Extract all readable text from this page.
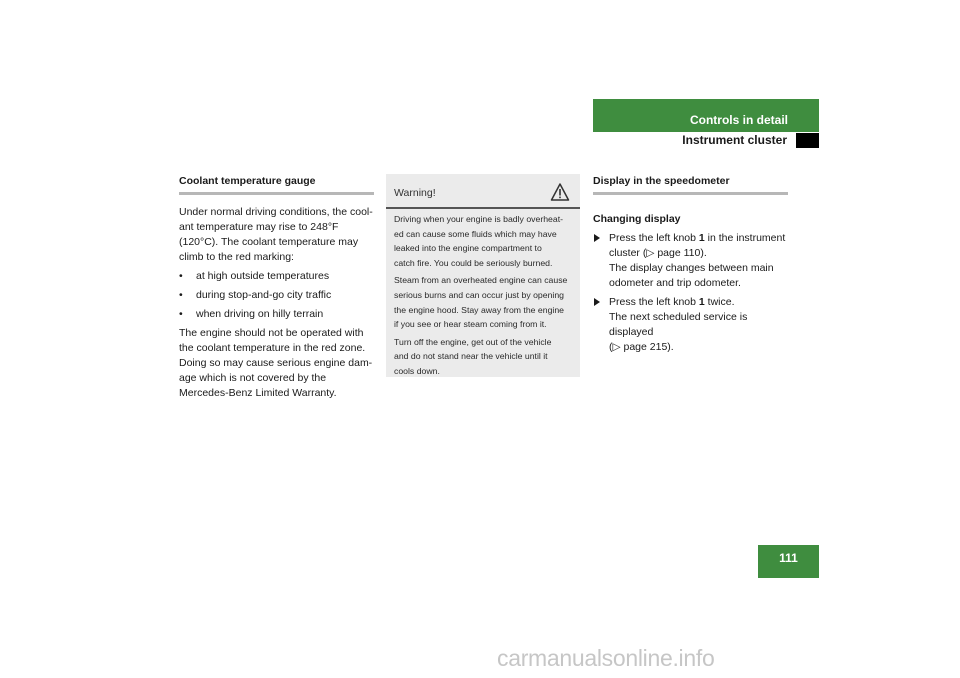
Controls in detail
Instrument cluster
Coolant temperature gauge

Under normal driving conditions, the cool-
ant temperature may rise to 248°F
(120°C). The coolant temperature may
climb to the red marking:

• at high outside temperatures
• during stop-and-go city traffic
• when driving on hilly terrain

The engine should not be operated with
the coolant temperature in the red zone.
Doing so may cause serious engine dam-
age which is not covered by the
Mercedes-Benz Limited Warranty.

Warning!

Driving when your engine is badly overheat-
ed can cause some fluids which may have
leaked into the engine compartment to
catch fire. You could be seriously burned.

Steam from an overheated engine can cause
serious burns and can occur just by opening
the engine hood. Stay away from the engine
if you see or hear steam coming from it.

Turn off the engine, get out of the vehicle
and do not stand near the vehicle until it
cools down.

Display in the speedometer

Changing display

Press the left knob 1 in the instrument
cluster (▷ page 110).

The display changes between main
odometer and trip odometer.

Press the left knob 1 twice.

The next scheduled service is displayed
(▷ page 215).

111
carmanualsonline.info
